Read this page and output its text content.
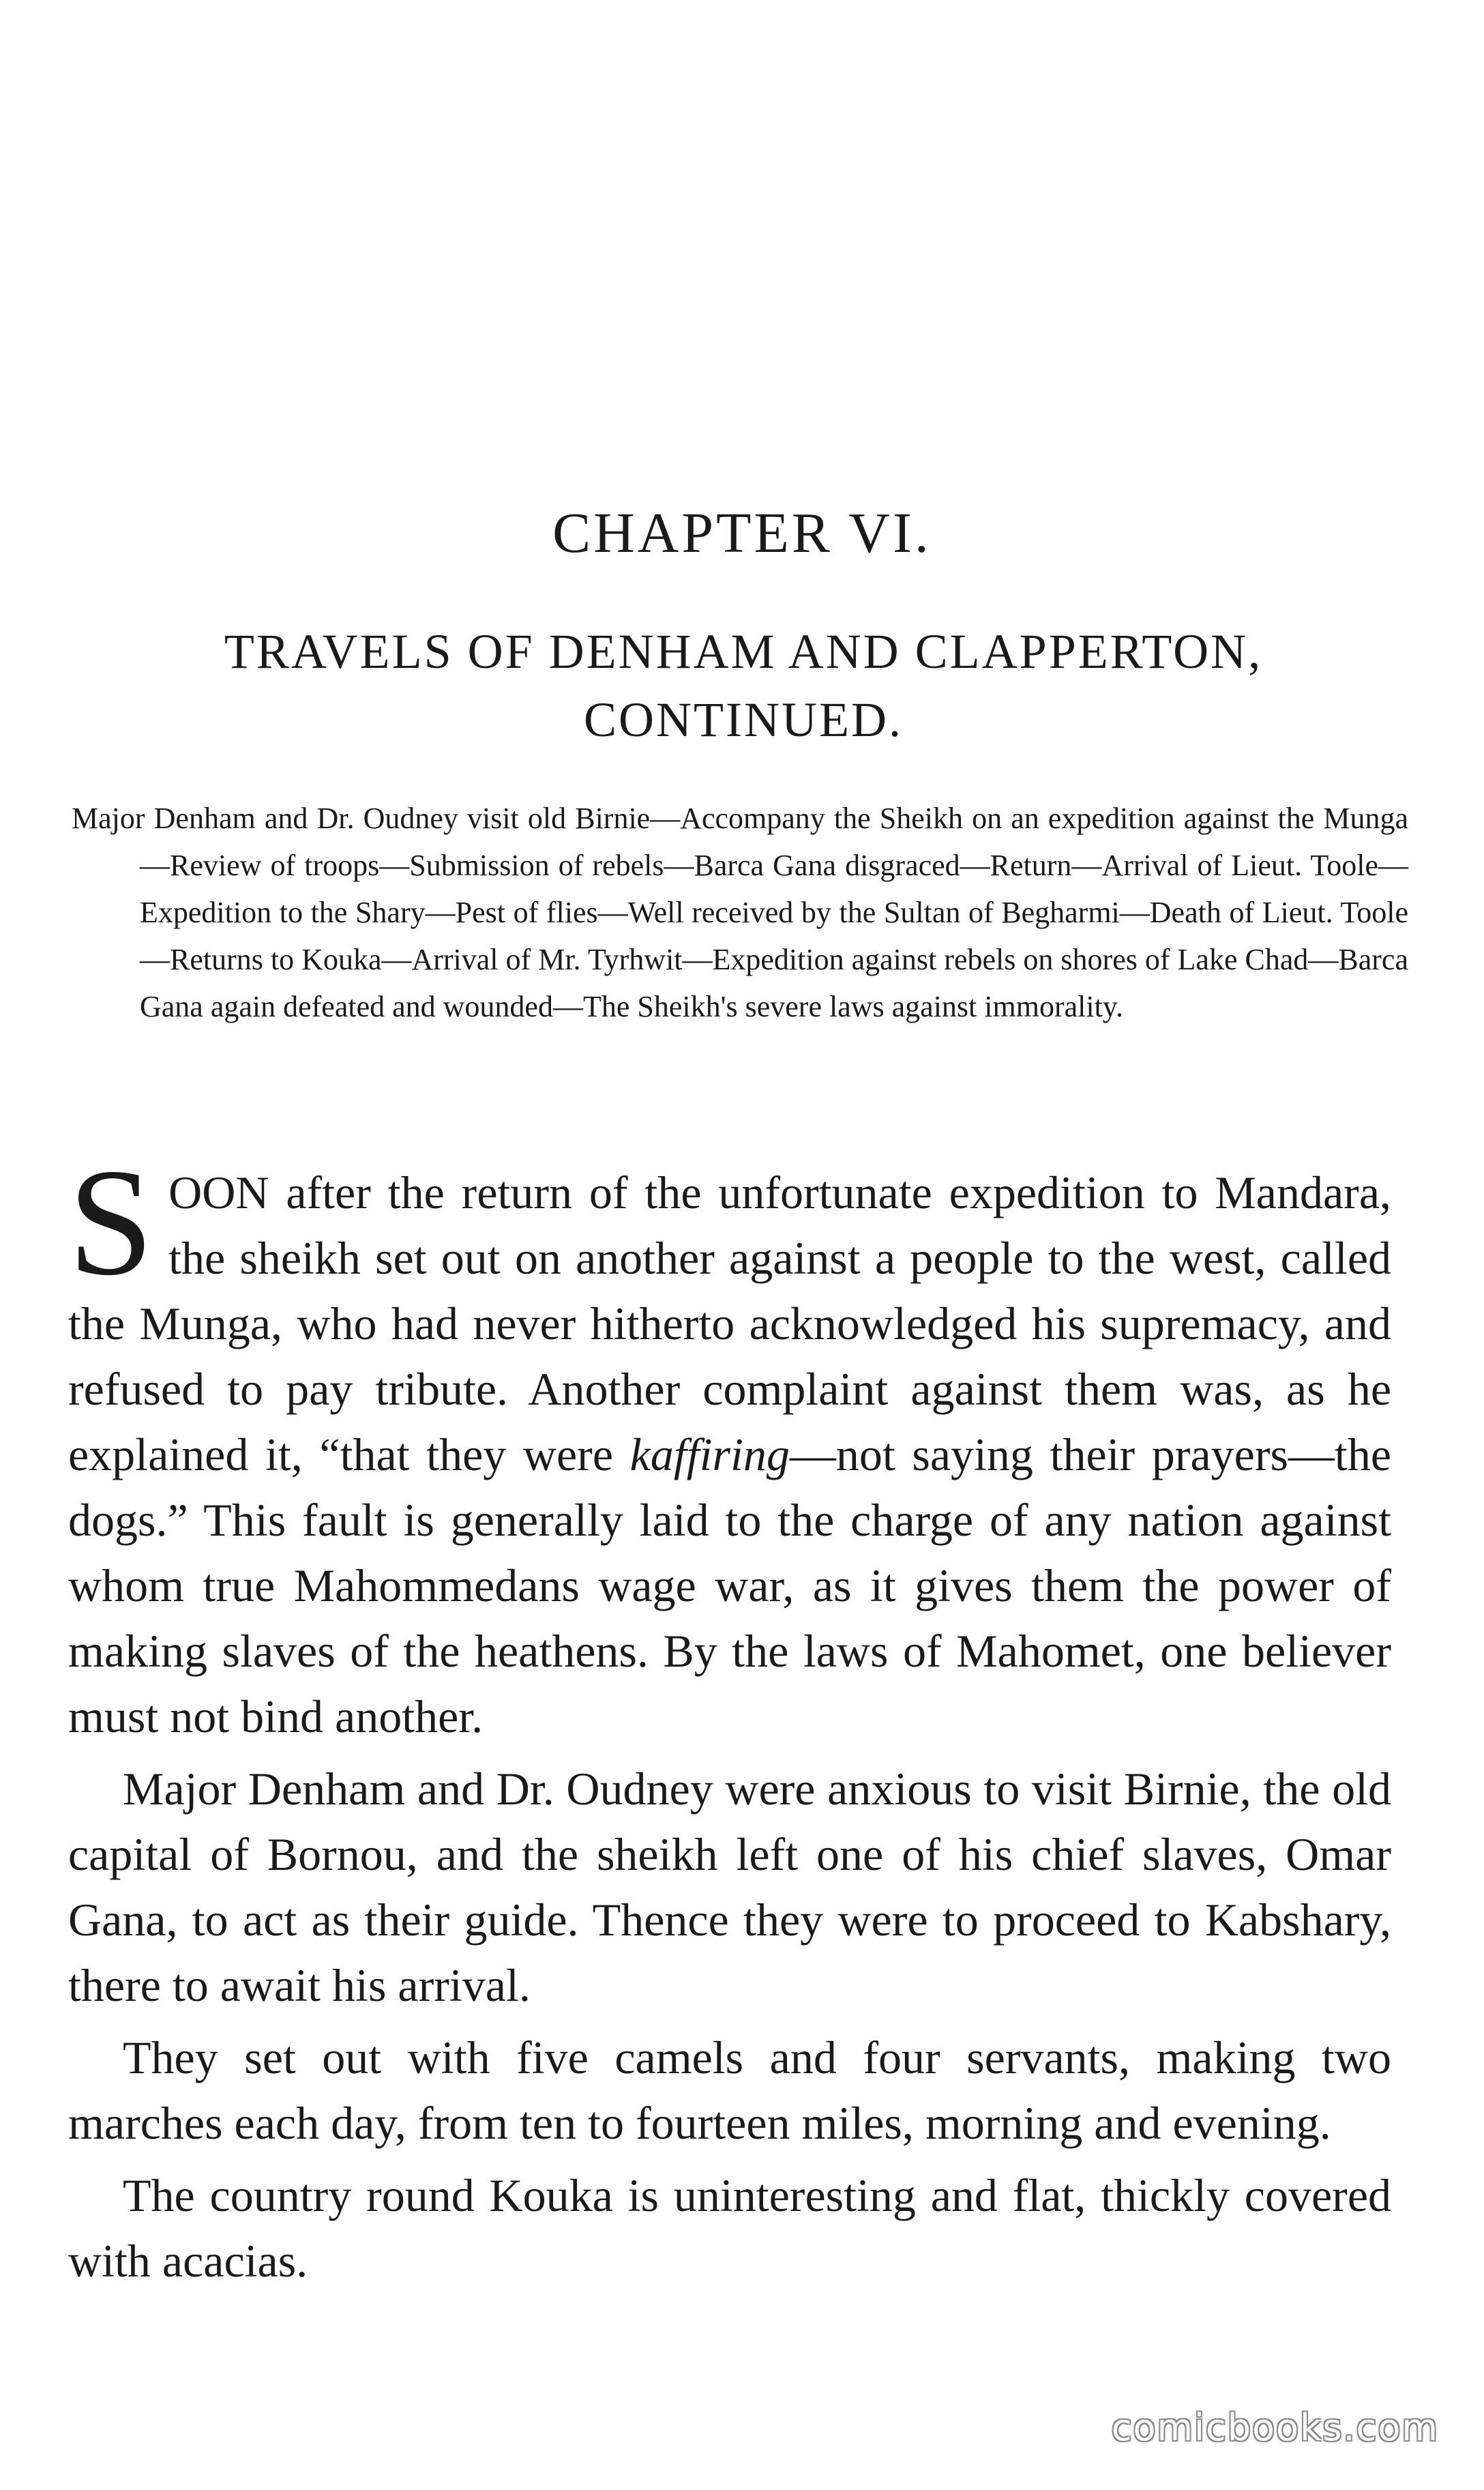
CHAPTER VI.
TRAVELS OF DENHAM AND CLAPPERTON,
CONTINUED.
Major Denham and Dr. Oudney visit old Birnie—Accompany the Sheikh on an expedition against the Munga—Review of troops—Submission of rebels—Barca Gana disgraced—Return—Arrival of Lieut. Toole—Expedition to the Shary—Pest of flies—Well received by the Sultan of Begharmi—Death of Lieut. Toole—Returns to Kouka—Arrival of Mr. Tyrhwit—Expedition against rebels on shores of Lake Chad—Barca Gana again defeated and wounded—The Sheikh's severe laws against immorality.

SOON after the return of the unfortunate expedition to Mandara, the sheikh set out on another against a people to the west, called the Munga, who had never hitherto acknowledged his supremacy, and refused to pay tribute. Another complaint against them was, as he explained it, “that they were kaffiring—not saying their prayers—the dogs.” This fault is generally laid to the charge of any nation against whom true Mahommedans wage war, as it gives them the power of making slaves of the heathens. By the laws of Mahomet, one believer must not bind another.

Major Denham and Dr. Oudney were anxious to visit Birnie, the old capital of Bornou, and the sheikh left one of his chief slaves, Omar Gana, to act as their guide. Thence they were to proceed to Kabshary, there to await his arrival.

They set out with five camels and four servants, making two marches each day, from ten to fourteen miles, morning and evening.

The country round Kouka is uninteresting and flat, thickly covered with acacias.

comicbooks.com
